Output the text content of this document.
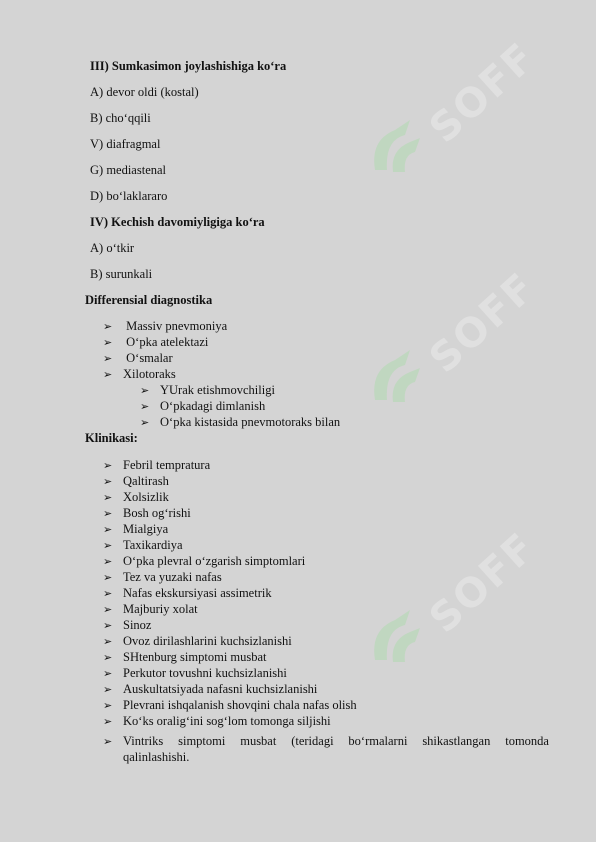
SOFF
SOFF
SOFF
III) Sumkasimon joylashishiga ko‘ra
A) devor oldi (kostal)
B) cho‘qqili
V) diafragmal
G) mediastenal
D) bo‘laklararo
IV) Kechish davomiyligiga ko‘ra
A) o‘tkir
B) surunkali
Differensial diagnostika
➢ Massiv pnevmoniya
➢ O‘pka atelektazi
➢ O‘smalar
➢ Xilotoraks
➢ YUrak etishmovchiligi
➢ O‘pkadagi dimlanish
➢ O‘pka kistasida pnevmotoraks bilan
Klinikasi:
➢ Febril tempratura
➢ Qaltirash
➢ Xolsizlik
➢ Bosh og‘rishi
➢ Mialgiya
➢ Taxikardiya
➢ O‘pka plevral o‘zgarish simptomlari
➢ Tez va yuzaki nafas
➢ Nafas ekskursiyasi assimetrik
➢ Majburiy xolat
➢ Sinoz
➢ Ovoz dirilashlarini kuchsizlanishi
➢ SHtenburg simptomi musbat
➢ Perkutor tovushni kuchsizlanishi
➢ Auskultatsiyada nafasni kuchsizlanishi
➢ Plevrani ishqalanish shovqini chala nafas olish
➢ Ko‘ks oralig‘ini sog‘lom tomonga siljishi
➢ Vintriks simptomi musbat (teridagi bo‘rmalarni shikastlangan tomonda
qalinlashishi.
